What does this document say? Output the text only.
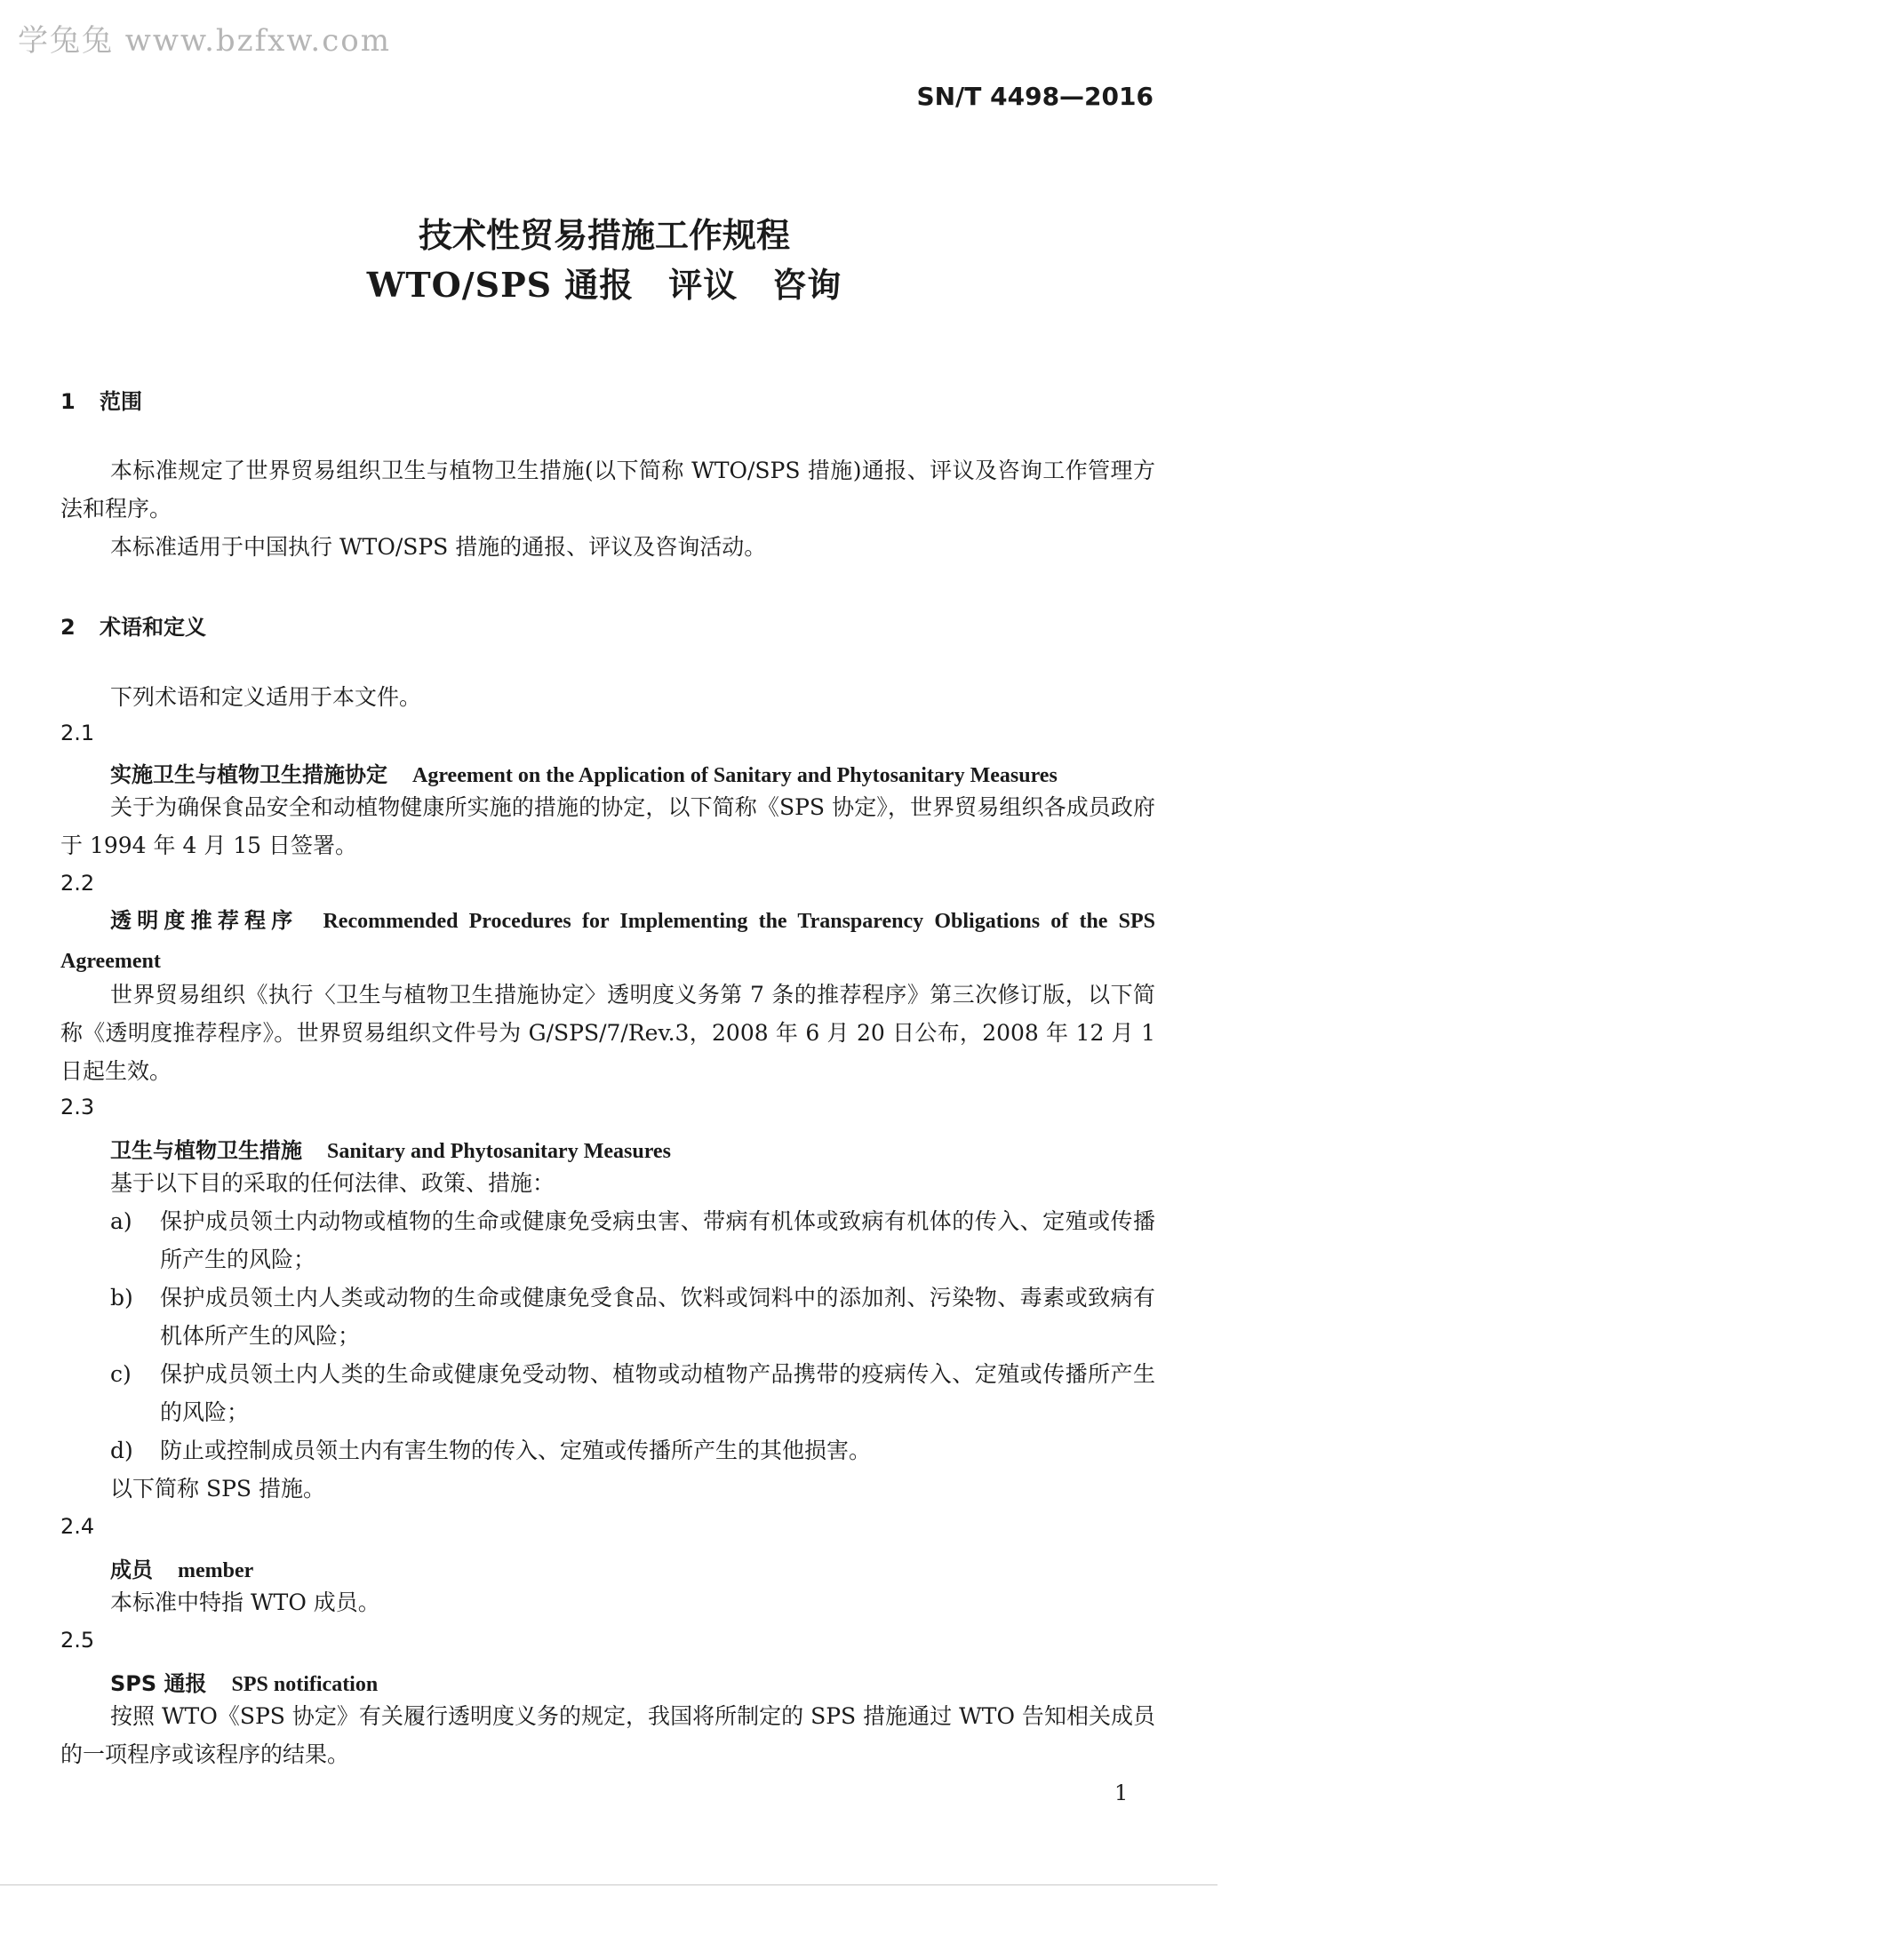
学兔兔 www.bzfxw.com
SN/T 4498—2016
技术性贸易措施工作规程
WTO/SPS 通报　评议　咨询
1 范围
本标准规定了世界贸易组织卫生与植物卫生措施(以下简称 WTO/SPS 措施)通报、评议及咨询工作管理方法和程序。
本标准适用于中国执行 WTO/SPS 措施的通报、评议及咨询活动。
2 术语和定义
下列术语和定义适用于本文件。
2.1
实施卫生与植物卫生措施协定 Agreement on the Application of Sanitary and Phytosanitary Measures
关于为确保食品安全和动植物健康所实施的措施的协定，以下简称《SPS 协定》，世界贸易组织各成员政府于 1994 年 4 月 15 日签署。
2.2
透明度推荐程序 Recommended Procedures for Implementing the Transparency Obligations of the SPS Agreement
世界贸易组织《执行〈卫生与植物卫生措施协定〉透明度义务第 7 条的推荐程序》第三次修订版，以下简称《透明度推荐程序》。世界贸易组织文件号为 G/SPS/7/Rev.3，2008 年 6 月 20 日公布，2008 年 12 月 1 日起生效。
2.3
卫生与植物卫生措施 Sanitary and Phytosanitary Measures
基于以下目的采取的任何法律、政策、措施：
a) 保护成员领土内动物或植物的生命或健康免受病虫害、带病有机体或致病有机体的传入、定殖或传播所产生的风险；
b) 保护成员领土内人类或动物的生命或健康免受食品、饮料或饲料中的添加剂、污染物、毒素或致病有机体所产生的风险；
c) 保护成员领土内人类的生命或健康免受动物、植物或动植物产品携带的疫病传入、定殖或传播所产生的风险；
d) 防止或控制成员领土内有害生物的传入、定殖或传播所产生的其他损害。
以下简称 SPS 措施。
2.4
成员 member
本标准中特指 WTO 成员。
2.5
SPS 通报 SPS notification
按照 WTO《SPS 协定》有关履行透明度义务的规定，我国将所制定的 SPS 措施通过 WTO 告知相关成员的一项程序或该程序的结果。
1
